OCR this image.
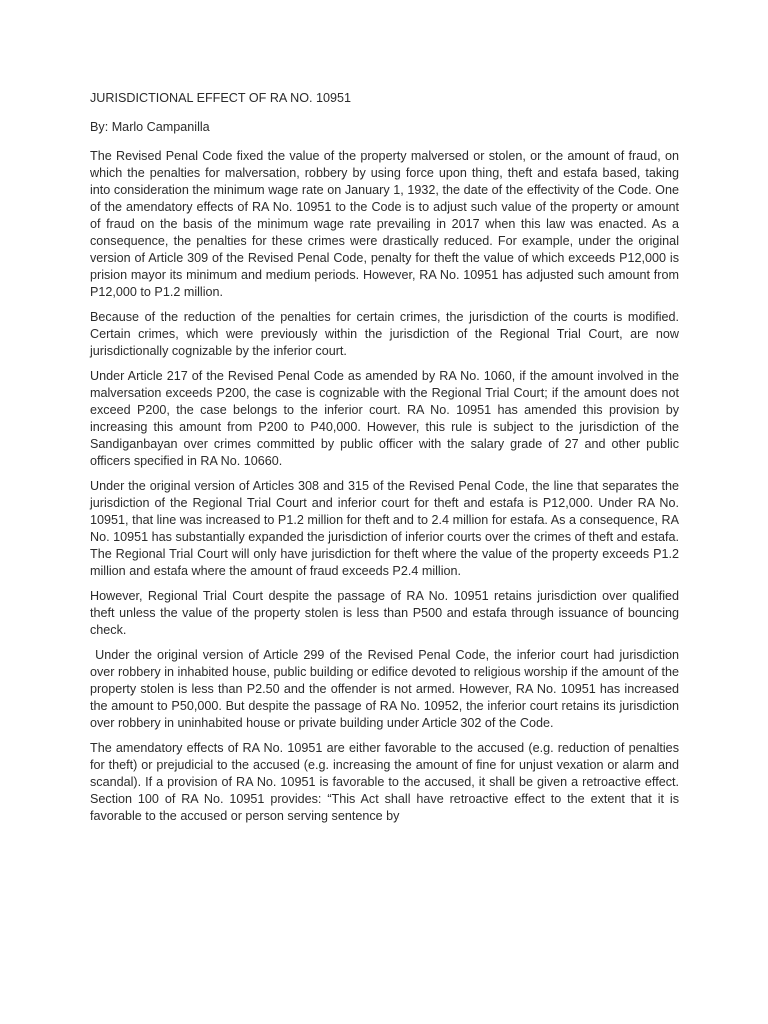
JURISDICTIONAL EFFECT OF RA NO. 10951

By: Marlo Campanilla

The Revised Penal Code fixed the value of the property malversed or stolen, or the amount of fraud, on which the penalties for malversation, robbery by using force upon thing, theft and estafa based, taking into consideration the minimum wage rate on January 1, 1932, the date of the effectivity of the Code. One of the amendatory effects of RA No. 10951 to the Code is to adjust such value of the property or amount of fraud on the basis of the minimum wage rate prevailing in 2017 when this law was enacted. As a consequence, the penalties for these crimes were drastically reduced. For example, under the original version of Article 309 of the Revised Penal Code, penalty for theft the value of which exceeds P12,000 is prision mayor its minimum and medium periods. However, RA No. 10951 has adjusted such amount from P12,000 to P1.2 million.

Because of the reduction of the penalties for certain crimes, the jurisdiction of the courts is modified. Certain crimes, which were previously within the jurisdiction of the Regional Trial Court, are now jurisdictionally cognizable by the inferior court.

Under Article 217 of the Revised Penal Code as amended by RA No. 1060, if the amount involved in the malversation exceeds P200, the case is cognizable with the Regional Trial Court; if the amount does not exceed P200, the case belongs to the inferior court. RA No. 10951 has amended this provision by increasing this amount from P200 to P40,000. However, this rule is subject to the jurisdiction of the Sandiganbayan over crimes committed by public officer with the salary grade of 27 and other public officers specified in RA No. 10660.

Under the original version of Articles 308 and 315 of the Revised Penal Code, the line that separates the jurisdiction of the Regional Trial Court and inferior court for theft and estafa is P12,000. Under RA No. 10951, that line was increased to P1.2 million for theft and to 2.4 million for estafa. As a consequence, RA No. 10951 has substantially expanded the jurisdiction of inferior courts over the crimes of theft and estafa. The Regional Trial Court will only have jurisdiction for theft where the value of the property exceeds P1.2 million and estafa where the amount of fraud exceeds P2.4 million.

However, Regional Trial Court despite the passage of RA No. 10951 retains jurisdiction over qualified theft unless the value of the property stolen is less than P500 and estafa through issuance of bouncing check.

Under the original version of Article 299 of the Revised Penal Code, the inferior court had jurisdiction over robbery in inhabited house, public building or edifice devoted to religious worship if the amount of the property stolen is less than P2.50 and the offender is not armed. However, RA No. 10951 has increased the amount to P50,000. But despite the passage of RA No. 10952, the inferior court retains its jurisdiction over robbery in uninhabited house or private building under Article 302 of the Code.

The amendatory effects of RA No. 10951 are either favorable to the accused (e.g. reduction of penalties for theft) or prejudicial to the accused (e.g. increasing the amount of fine for unjust vexation or alarm and scandal). If a provision of RA No. 10951 is favorable to the accused, it shall be given a retroactive effect. Section 100 of RA No. 10951 provides: “This Act shall have retroactive effect to the extent that it is favorable to the accused or person serving sentence by
